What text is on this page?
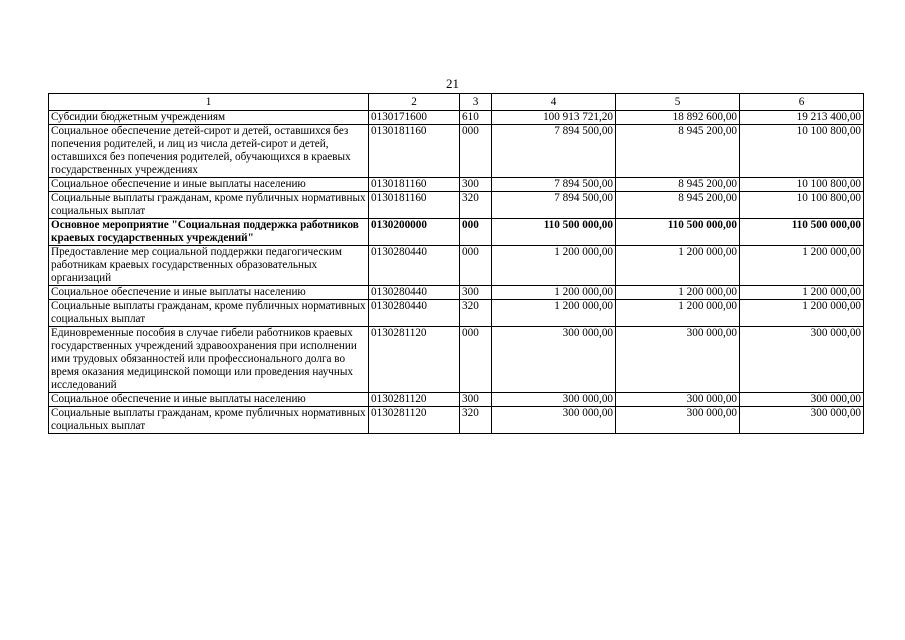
21
1	2	3	4	5	6
Субсидии бюджетным учреждениям	0130171600	610	100 913 721,20	18 892 600,00	19 213 400,00
Социальное обеспечение детей-сирот и детей, оставшихся без попечения родителей, и лиц из числа детей-сирот и детей, оставшихся без попечения родителей, обучающихся в краевых государственных учреждениях	0130181160	000	7 894 500,00	8 945 200,00	10 100 800,00
Социальное обеспечение и иные выплаты населению	0130181160	300	7 894 500,00	8 945 200,00	10 100 800,00
Социальные выплаты гражданам, кроме публичных нормативных социальных выплат	0130181160	320	7 894 500,00	8 945 200,00	10 100 800,00
Основное мероприятие "Социальная поддержка работников краевых государственных учреждений"	0130200000	000	110 500 000,00	110 500 000,00	110 500 000,00
Предоставление мер социальной поддержки педагогическим работникам краевых государственных образовательных организаций	0130280440	000	1 200 000,00	1 200 000,00	1 200 000,00
Социальное обеспечение и иные выплаты населению	0130280440	300	1 200 000,00	1 200 000,00	1 200 000,00
Социальные выплаты гражданам, кроме публичных нормативных социальных выплат	0130280440	320	1 200 000,00	1 200 000,00	1 200 000,00
Единовременные пособия в случае гибели работников краевых государственных учреждений здравоохранения при исполнении ими трудовых обязанностей или профессионального долга во время оказания медицинской помощи или проведения научных исследований	0130281120	000	300 000,00	300 000,00	300 000,00
Социальное обеспечение и иные выплаты населению	0130281120	300	300 000,00	300 000,00	300 000,00
Социальные выплаты гражданам, кроме публичных нормативных социальных выплат	0130281120	320	300 000,00	300 000,00	300 000,00
